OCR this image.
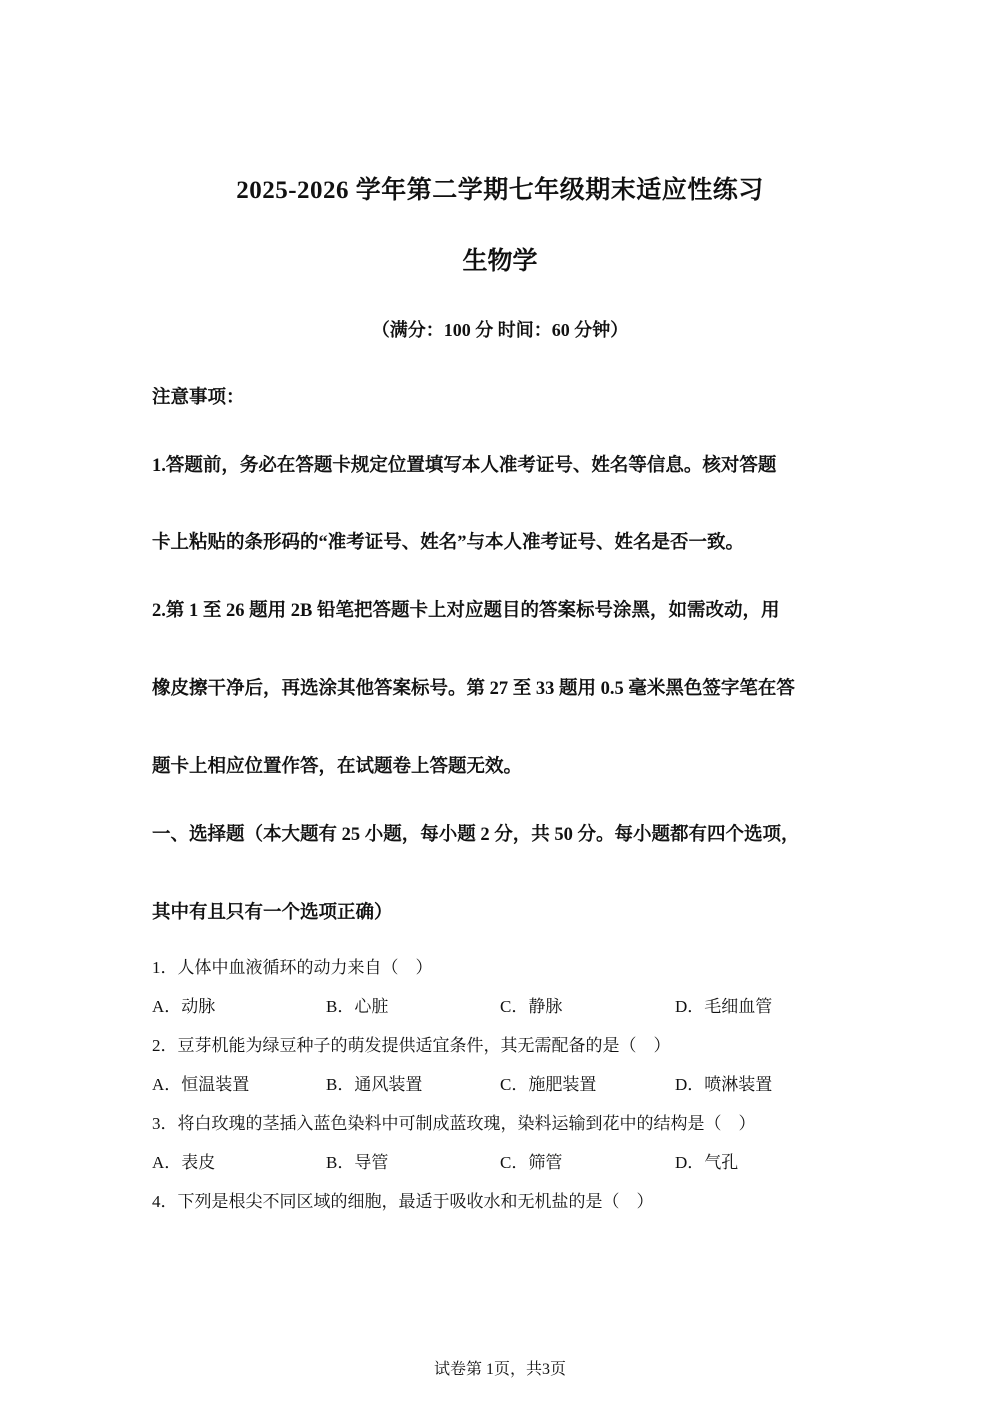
2025-2026 学年第二学期七年级期末适应性练习
生物学
（满分：100 分 时间：60 分钟）
注意事项：
1.答题前，务必在答题卡规定位置填写本人准考证号、姓名等信息。核对答题
卡上粘贴的条形码的“准考证号、姓名”与本人准考证号、姓名是否一致。
2.第 1 至 26 题用 2B 铅笔把答题卡上对应题目的答案标号涂黑，如需改动，用
橡皮擦干净后，再选涂其他答案标号。第 27 至 33 题用 0.5 毫米黑色签字笔在答
题卡上相应位置作答，在试题卷上答题无效。
一、选择题（本大题有 25 小题，每小题 2 分，共 50 分。每小题都有四个选项，
其中有且只有一个选项正确）
1．人体中血液循环的动力来自（　）
A．动脉	B．心脏	C．静脉	D．毛细血管
2．豆芽机能为绿豆种子的萌发提供适宜条件，其无需配备的是（　）
A．恒温装置	B．通风装置	C．施肥装置	D．喷淋装置
3．将白玫瑰的茎插入蓝色染料中可制成蓝玫瑰，染料运输到花中的结构是（　）
A．表皮	B．导管	C．筛管	D．气孔
4．下列是根尖不同区域的细胞，最适于吸收水和无机盐的是（　）
试卷第 1页，共3页
